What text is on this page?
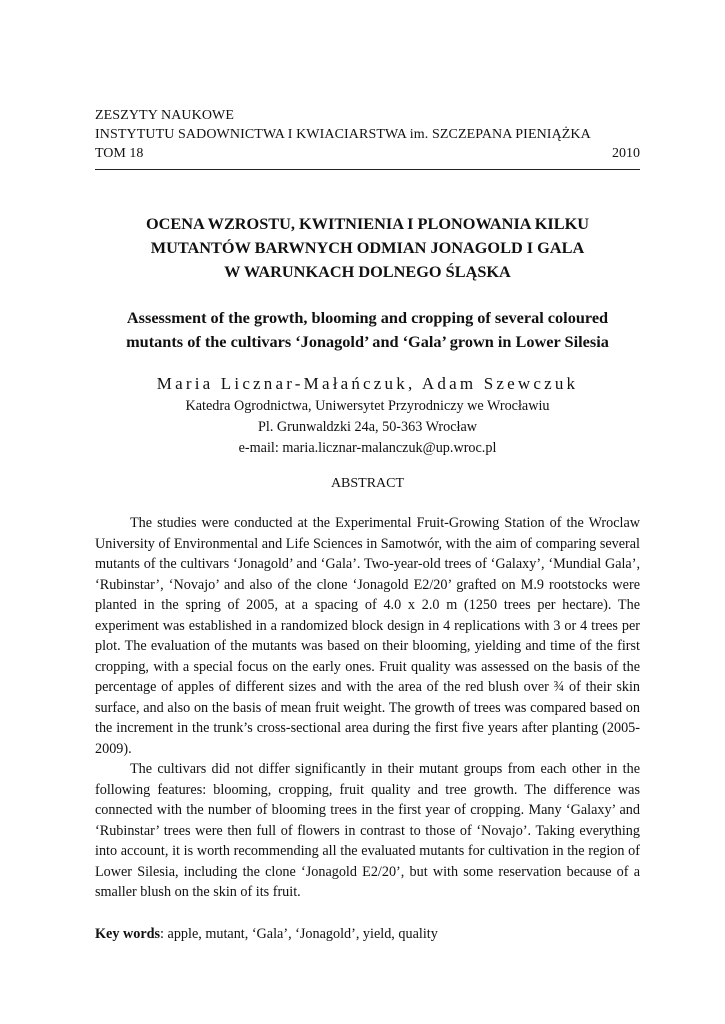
ZESZYTY NAUKOWE
INSTYTUTU SADOWNICTWA I KWIACIARSTWA im. SZCZEPANA PIENIĄŻKA
TOM 18	2010
OCENA WZROSTU, KWITNIENIA I PLONOWANIA KILKU
MUTANTÓW BARWNYCH ODMIAN JONAGOLD I GALA
W WARUNKACH DOLNEGO ŚLĄSKA
Assessment of the growth, blooming and cropping of several coloured
mutants of the cultivars ‘Jonagold’ and ‘Gala’ grown in Lower Silesia
Maria Licznar-Małańczuk, Adam Szewczuk
Katedra Ogrodnictwa, Uniwersytet Przyrodniczy we Wrocławiu
Pl. Grunwaldzki 24a, 50-363 Wrocław
e-mail: maria.licznar-malanczuk@up.wroc.pl
ABSTRACT

The studies were conducted at the Experimental Fruit-Growing Station of the Wroclaw University of Environmental and Life Sciences in Samotwór, with the aim of comparing several mutants of the cultivars ‘Jonagold’ and ‘Gala’. Two-year-old trees of ‘Galaxy’, ‘Mundial Gala’, ‘Rubinstar’, ‘Novajo’ and also of the clone ‘Jonagold E2/20’ grafted on M.9 rootstocks were planted in the spring of 2005, at a spacing of 4.0 x 2.0 m (1250 trees per hectare). The experiment was established in a randomized block design in 4 replications with 3 or 4 trees per plot. The evaluation of the mutants was based on their blooming, yielding and time of the first cropping, with a special focus on the early ones. Fruit quality was assessed on the basis of the percentage of apples of different sizes and with the area of the red blush over ¾ of their skin surface, and also on the basis of mean fruit weight. The growth of trees was compared based on the increment in the trunk’s cross-sectional area during the first five years after planting (2005-2009).

The cultivars did not differ significantly in their mutant groups from each other in the following features: blooming, cropping, fruit quality and tree growth. The difference was connected with the number of blooming trees in the first year of cropping. Many ‘Galaxy’ and ‘Rubinstar’ trees were then full of flowers in contrast to those of ‘Novajo’. Taking everything into account, it is worth recommending all the evaluated mutants for cultivation in the region of Lower Silesia, including the clone ‘Jonagold E2/20’, but with some reservation because of a smaller blush on the skin of its fruit.

Key words: apple, mutant, ‘Gala’, ‘Jonagold’, yield, quality
